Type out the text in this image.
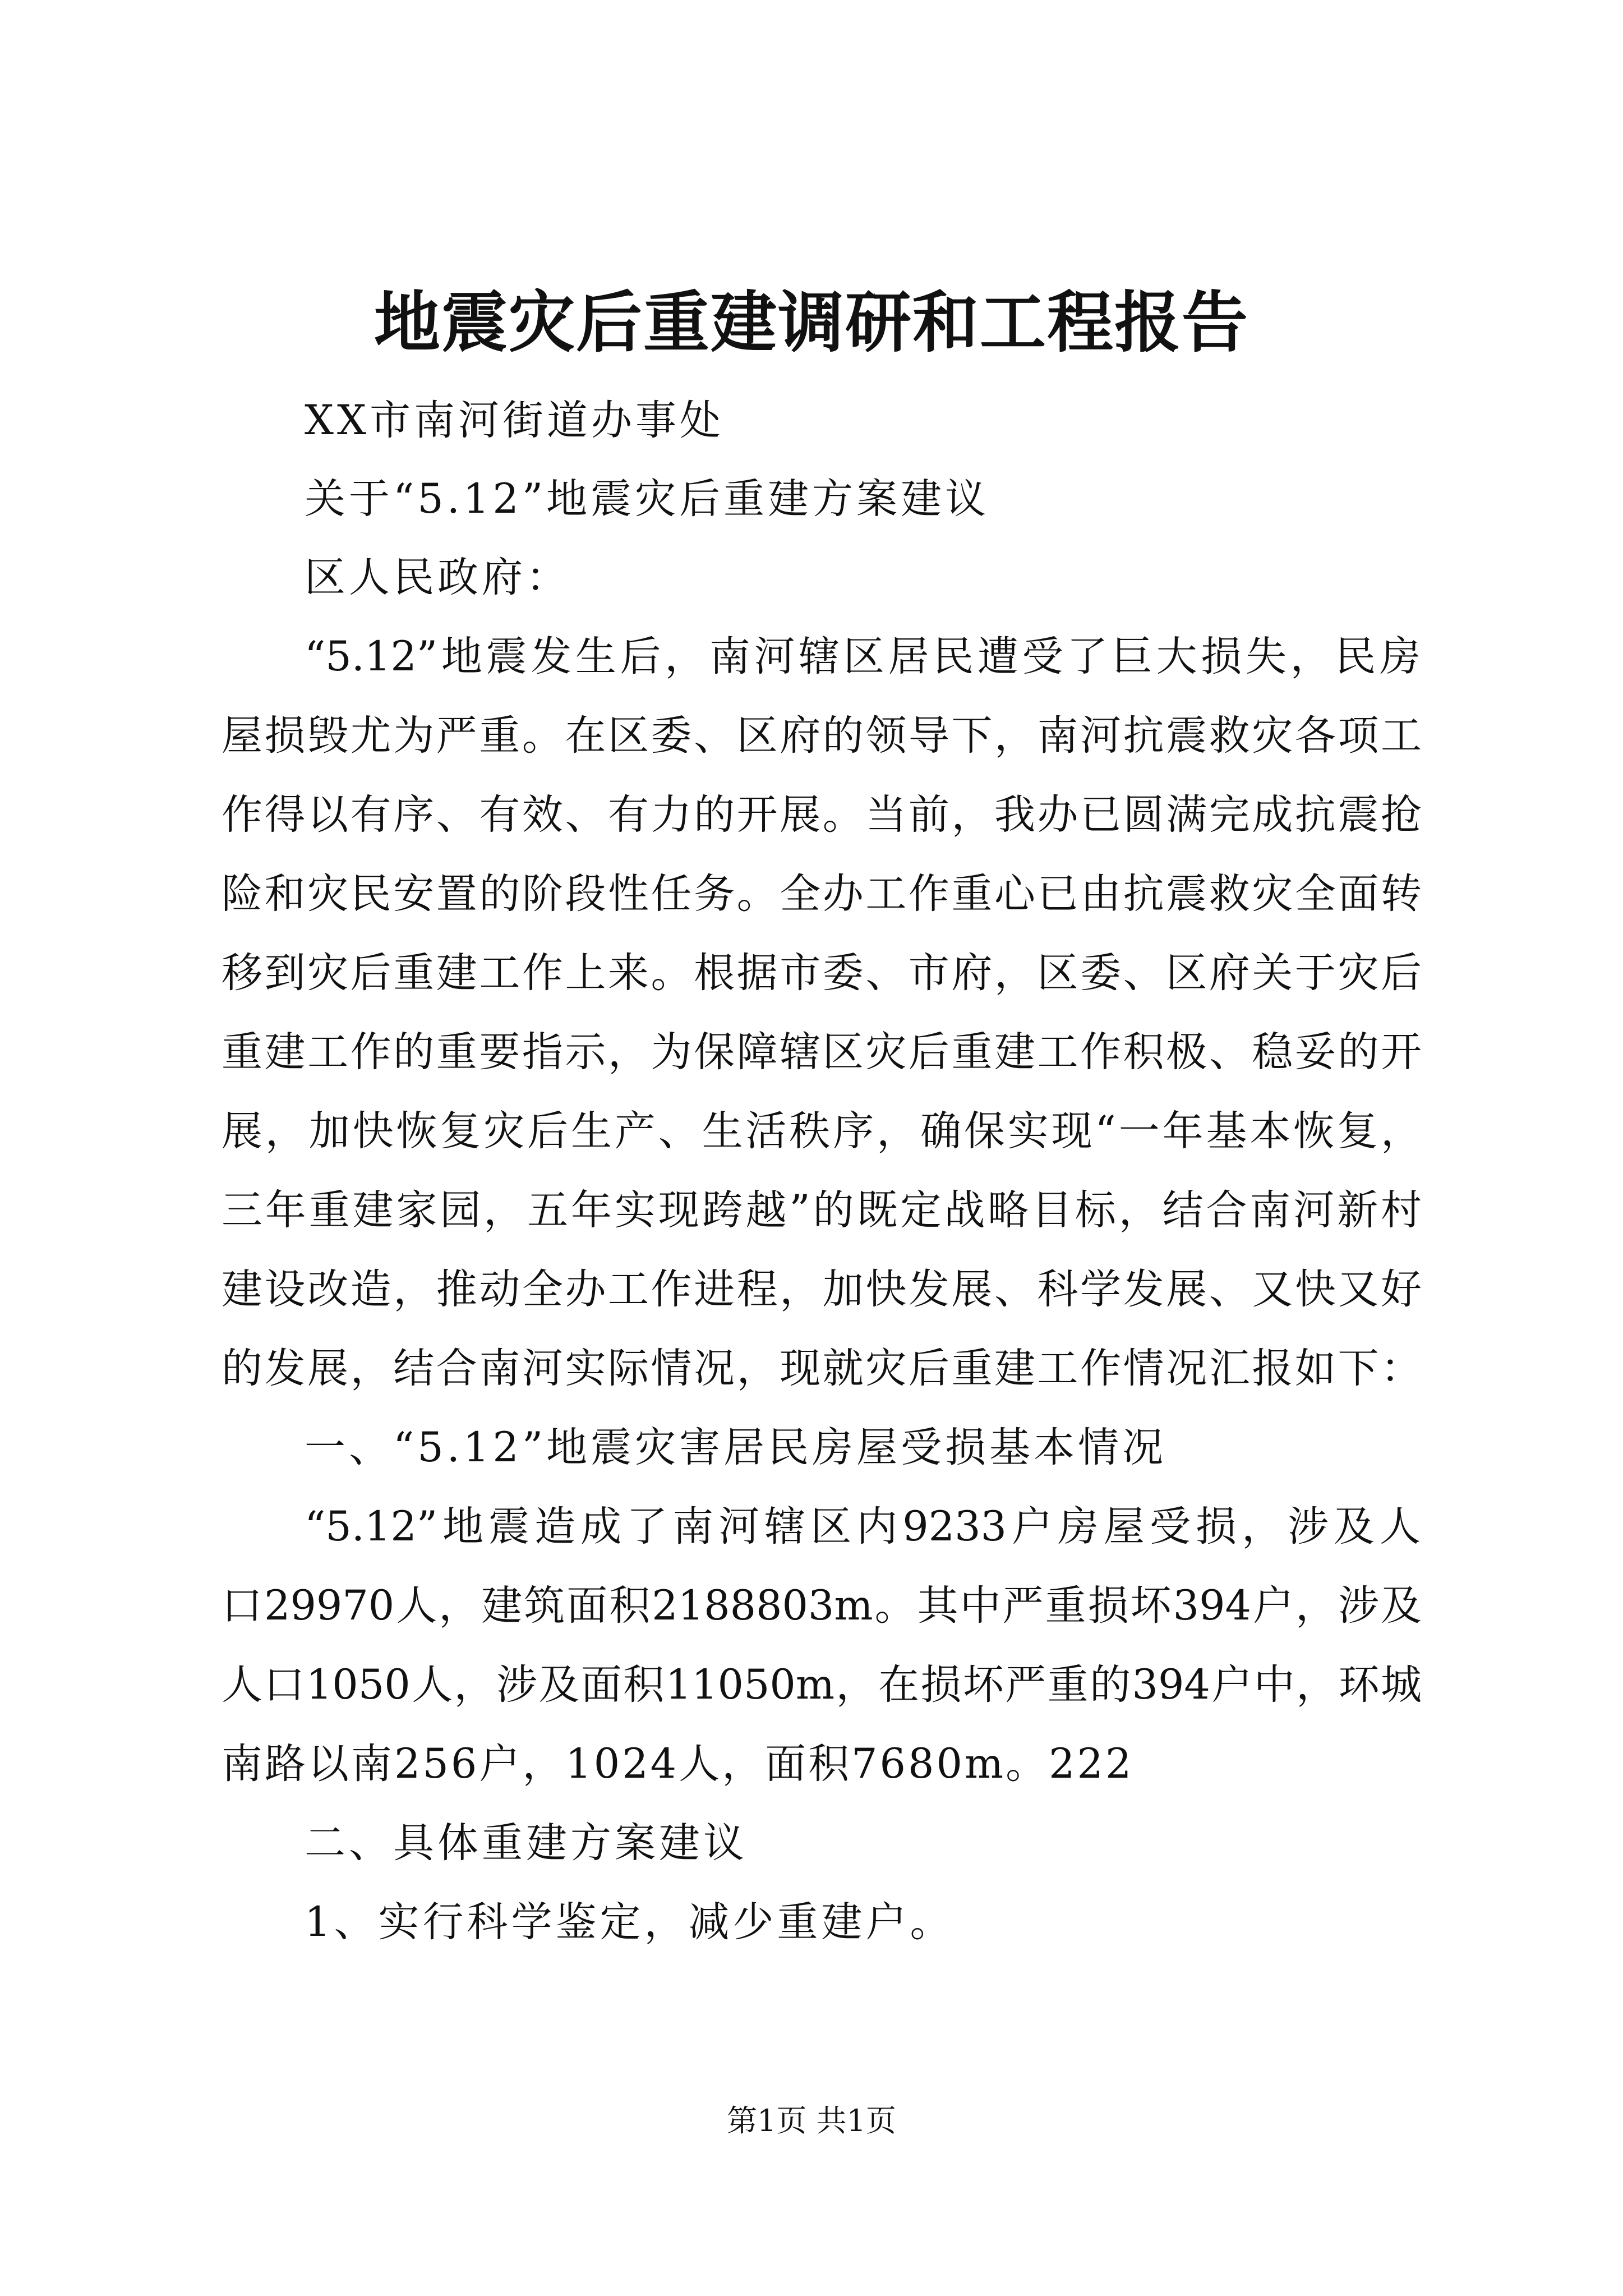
地震灾后重建调研和工程报告
XX市南河街道办事处
关于“5.12”地震灾后重建方案建议
区人民政府：
“5.12”地震发生后，南河辖区居民遭受了巨大损失，民房
屋损毁尤为严重。在区委、区府的领导下，南河抗震救灾各项工
作得以有序、有效、有力的开展。当前，我办已圆满完成抗震抢
险和灾民安置的阶段性任务。全办工作重心已由抗震救灾全面转
移到灾后重建工作上来。根据市委、市府，区委、区府关于灾后
重建工作的重要指示，为保障辖区灾后重建工作积极、稳妥的开
展，加快恢复灾后生产、生活秩序，确保实现“一年基本恢复，
三年重建家园，五年实现跨越”的既定战略目标，结合南河新村
建设改造，推动全办工作进程，加快发展、科学发展、又快又好
的发展，结合南河实际情况，现就灾后重建工作情况汇报如下：
一、“5.12”地震灾害居民房屋受损基本情况
“5.12”地震造成了南河辖区内9233户房屋受损，涉及人
口29970人，建筑面积2188803m。其中严重损坏394户，涉及
人口1050人，涉及面积11050m，在损坏严重的394户中，环城
南路以南256户，1024人，面积7680m。222
二、具体重建方案建议
1、实行科学鉴定，减少重建户。
第1页 共1页
